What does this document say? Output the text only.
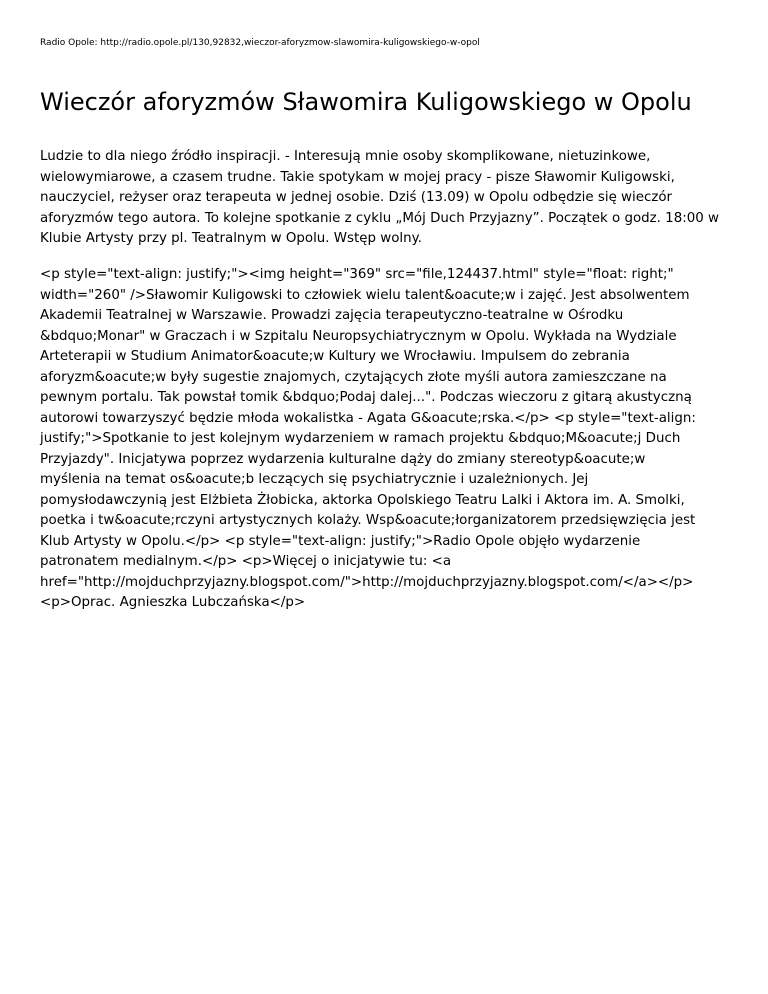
Radio Opole: http://radio.opole.pl/130,92832,wieczor-aforyzmow-slawomira-kuligowskiego-w-opol
Wieczór aforyzmów Sławomira Kuligowskiego w Opolu

Ludzie to dla niego źródło inspiracji. - Interesują mnie osoby skomplikowane, nietuzinkowe, wielowymiarowe, a czasem trudne. Takie spotykam w mojej pracy - pisze Sławomir Kuligowski, nauczyciel, reżyser oraz terapeuta w jednej osobie. Dziś (13.09) w Opolu odbędzie się wieczór aforyzmów tego autora. To kolejne spotkanie z cyklu „Mój Duch Przyjazny”. Początek o godz. 18:00 w Klubie Artysty przy pl. Teatralnym w Opolu. Wstęp wolny.

<p style="text-align: justify;"><img height="369" src="file,124437.html" style="float: right;"
width="260" />Sławomir Kuligowski to człowiek wielu talent&oacute;w i zajęć. Jest absolwentem
Akademii Teatralnej w Warszawie. Prowadzi zajęcia terapeutyczno-teatralne w Ośrodku
&bdquo;Monar" w Graczach i w Szpitalu Neuropsychiatrycznym w Opolu. Wykłada na Wydziale
Arteterapii w Studium Animator&oacute;w Kultury we Wrocławiu. Impulsem do zebrania
aforyzm&oacute;w były sugestie znajomych, czytających złote myśli autora zamieszczane na
pewnym portalu. Tak powstał tomik &bdquo;Podaj dalej...". Podczas wieczoru z gitarą akustyczną
autorowi towarzyszyć będzie młoda wokalistka - Agata G&oacute;rska.</p> <p style="text-align:
justify;">Spotkanie to jest kolejnym wydarzeniem w ramach projektu &bdquo;M&oacute;j Duch
Przyjazdy". Inicjatywa poprzez wydarzenia kulturalne dąży do zmiany stereotyp&oacute;w
myślenia na temat os&oacute;b leczących się psychiatrycznie i uzależnionych. Jej
pomysłodawczynią jest Elżbieta Żłobicka, aktorka Opolskiego Teatru Lalki i Aktora im. A. Smolki,
poetka i tw&oacute;rczyni artystycznych kolaży. Wsp&oacute;łorganizatorem przedsięwzięcia jest
Klub Artysty w Opolu.</p> <p style="text-align: justify;">Radio Opole objęło wydarzenie
patronatem medialnym.</p> <p>Więcej o inicjatywie tu: <a
href="http://mojduchprzyjazny.blogspot.com/">http://mojduchprzyjazny.blogspot.com/</a></p>
<p>Oprac. Agnieszka Lubczańska</p>
